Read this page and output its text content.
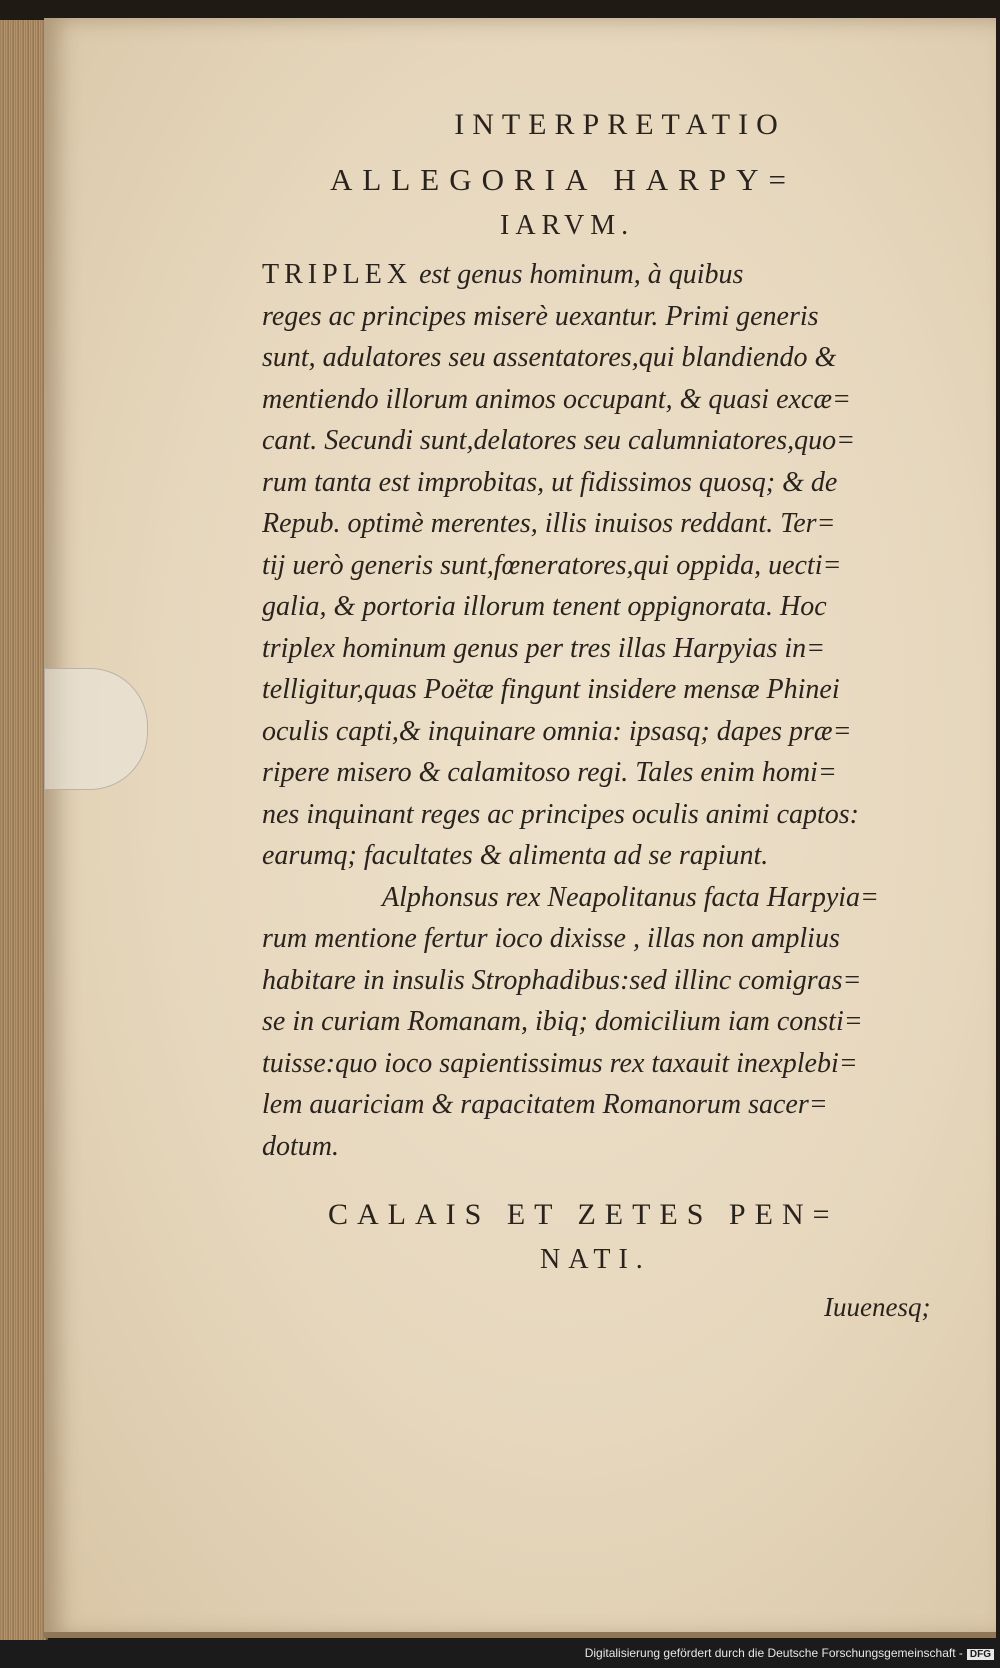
INTERPRETATIO
ALLEGORIA HARPY=
IARVM.
TRIPLEX est genus hominum, à quibus
reges ac principes miserè uexantur. Primi generis
sunt, adulatores seu assentatores,qui blandiendo &
mentiendo illorum animos occupant, & quasi excæ=
cant. Secundi sunt,delatores seu calumniatores,quo=
rum tanta est improbitas, ut fidissimos quosq; & de
Repub. optimè merentes, illis inuisos reddant. Ter=
tij uerò generis sunt,fœneratores,qui oppida, uecti=
galia, & portoria illorum tenent oppignorata. Hoc
triplex hominum genus per tres illas Harpyias in=
telligitur,quas Poëtæ fingunt insidere mensæ Phinei
oculis capti,& inquinare omnia: ipsasq; dapes præ=
ripere misero & calamitoso regi. Tales enim homi=
nes inquinant reges ac principes oculis animi captos:
earumq; facultates & alimenta ad se rapiunt.
Alphonsus rex Neapolitanus facta Harpyia=
rum mentione fertur ioco dixisse , illas non amplius
habitare in insulis Strophadibus:sed illinc comigras=
se in curiam Romanam, ibiq; domicilium iam consti=
tuisse:quo ioco sapientissimus rex taxauit inexplebi=
lem auariciam & rapacitatem Romanorum sacer=
dotum.
CALAIS ET ZETES PEN=
NATI.
Iuuenesq;
Digitalisierung gefördert durch die Deutsche Forschungsgemeinschaft - DFG
